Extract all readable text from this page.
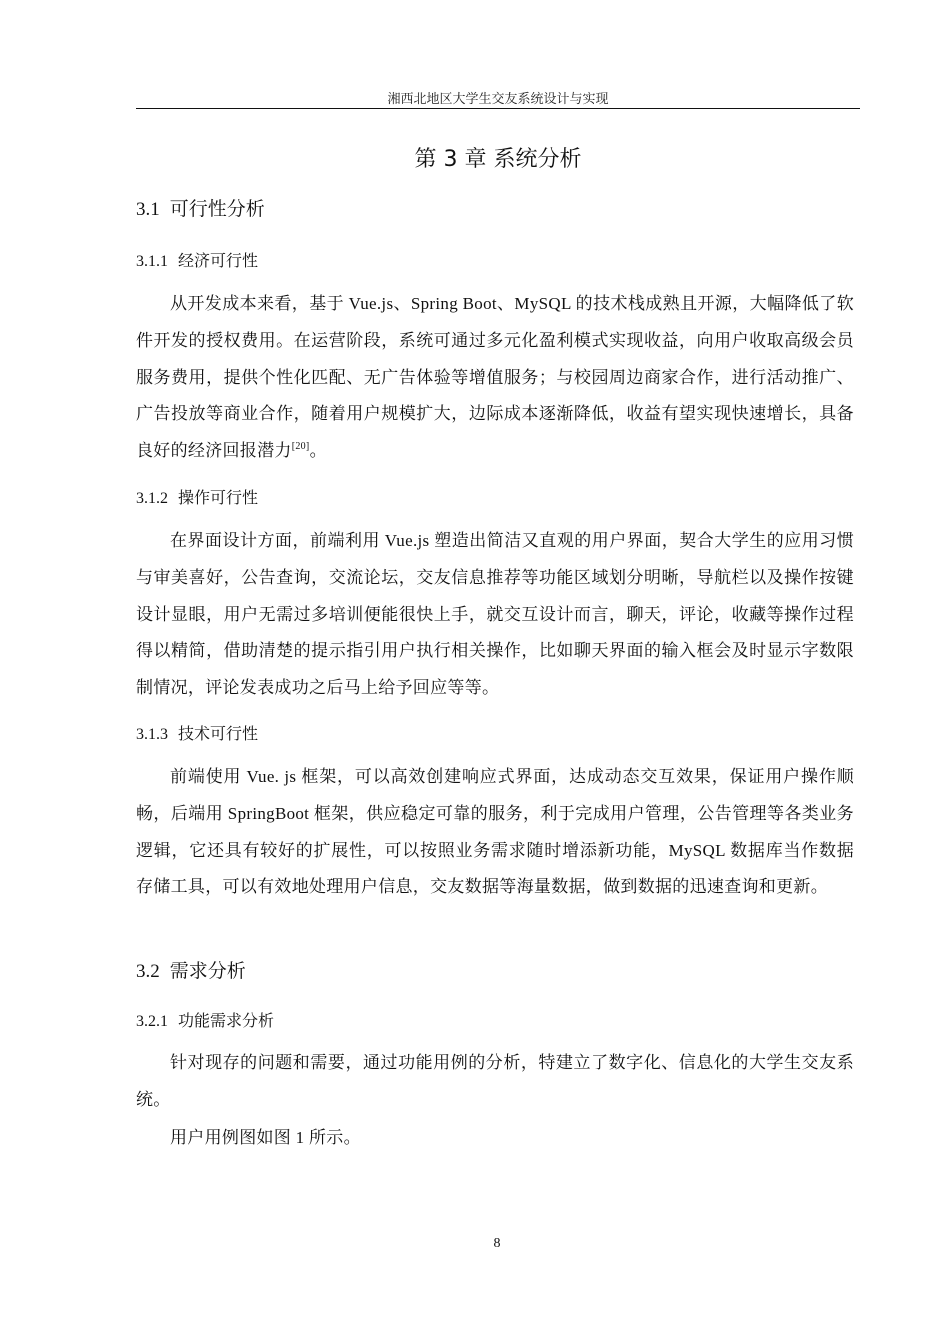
湘西北地区大学生交友系统设计与实现
第 3 章 系统分析
3.1 可行性分析
3.1.1 经济可行性
从开发成本来看，基于 Vue.js、Spring Boot、MySQL 的技术栈成熟且开源，大幅降低了软件开发的授权费用。在运营阶段，系统可通过多元化盈利模式实现收益，向用户收取高级会员服务费用，提供个性化匹配、无广告体验等增值服务；与校园周边商家合作，进行活动推广、广告投放等商业合作，随着用户规模扩大，边际成本逐渐降低，收益有望实现快速增长，具备良好的经济回报潜力[20]。
3.1.2 操作可行性
在界面设计方面，前端利用 Vue.js 塑造出简洁又直观的用户界面，契合大学生的应用习惯与审美喜好，公告查询，交流论坛，交友信息推荐等功能区域划分明晰，导航栏以及操作按键设计显眼，用户无需过多培训便能很快上手，就交互设计而言，聊天，评论，收藏等操作过程得以精简，借助清楚的提示指引用户执行相关操作，比如聊天界面的输入框会及时显示字数限制情况，评论发表成功之后马上给予回应等等。
3.1.3 技术可行性
前端使用 Vue. js 框架，可以高效创建响应式界面，达成动态交互效果，保证用户操作顺畅，后端用 SpringBoot 框架，供应稳定可靠的服务，利于完成用户管理，公告管理等各类业务逻辑，它还具有较好的扩展性，可以按照业务需求随时增添新功能，MySQL 数据库当作数据存储工具，可以有效地处理用户信息，交友数据等海量数据，做到数据的迅速查询和更新。
3.2 需求分析
3.2.1 功能需求分析
针对现存的问题和需要，通过功能用例的分析，特建立了数字化、信息化的大学生交友系统。
用户用例图如图 1 所示。
8
